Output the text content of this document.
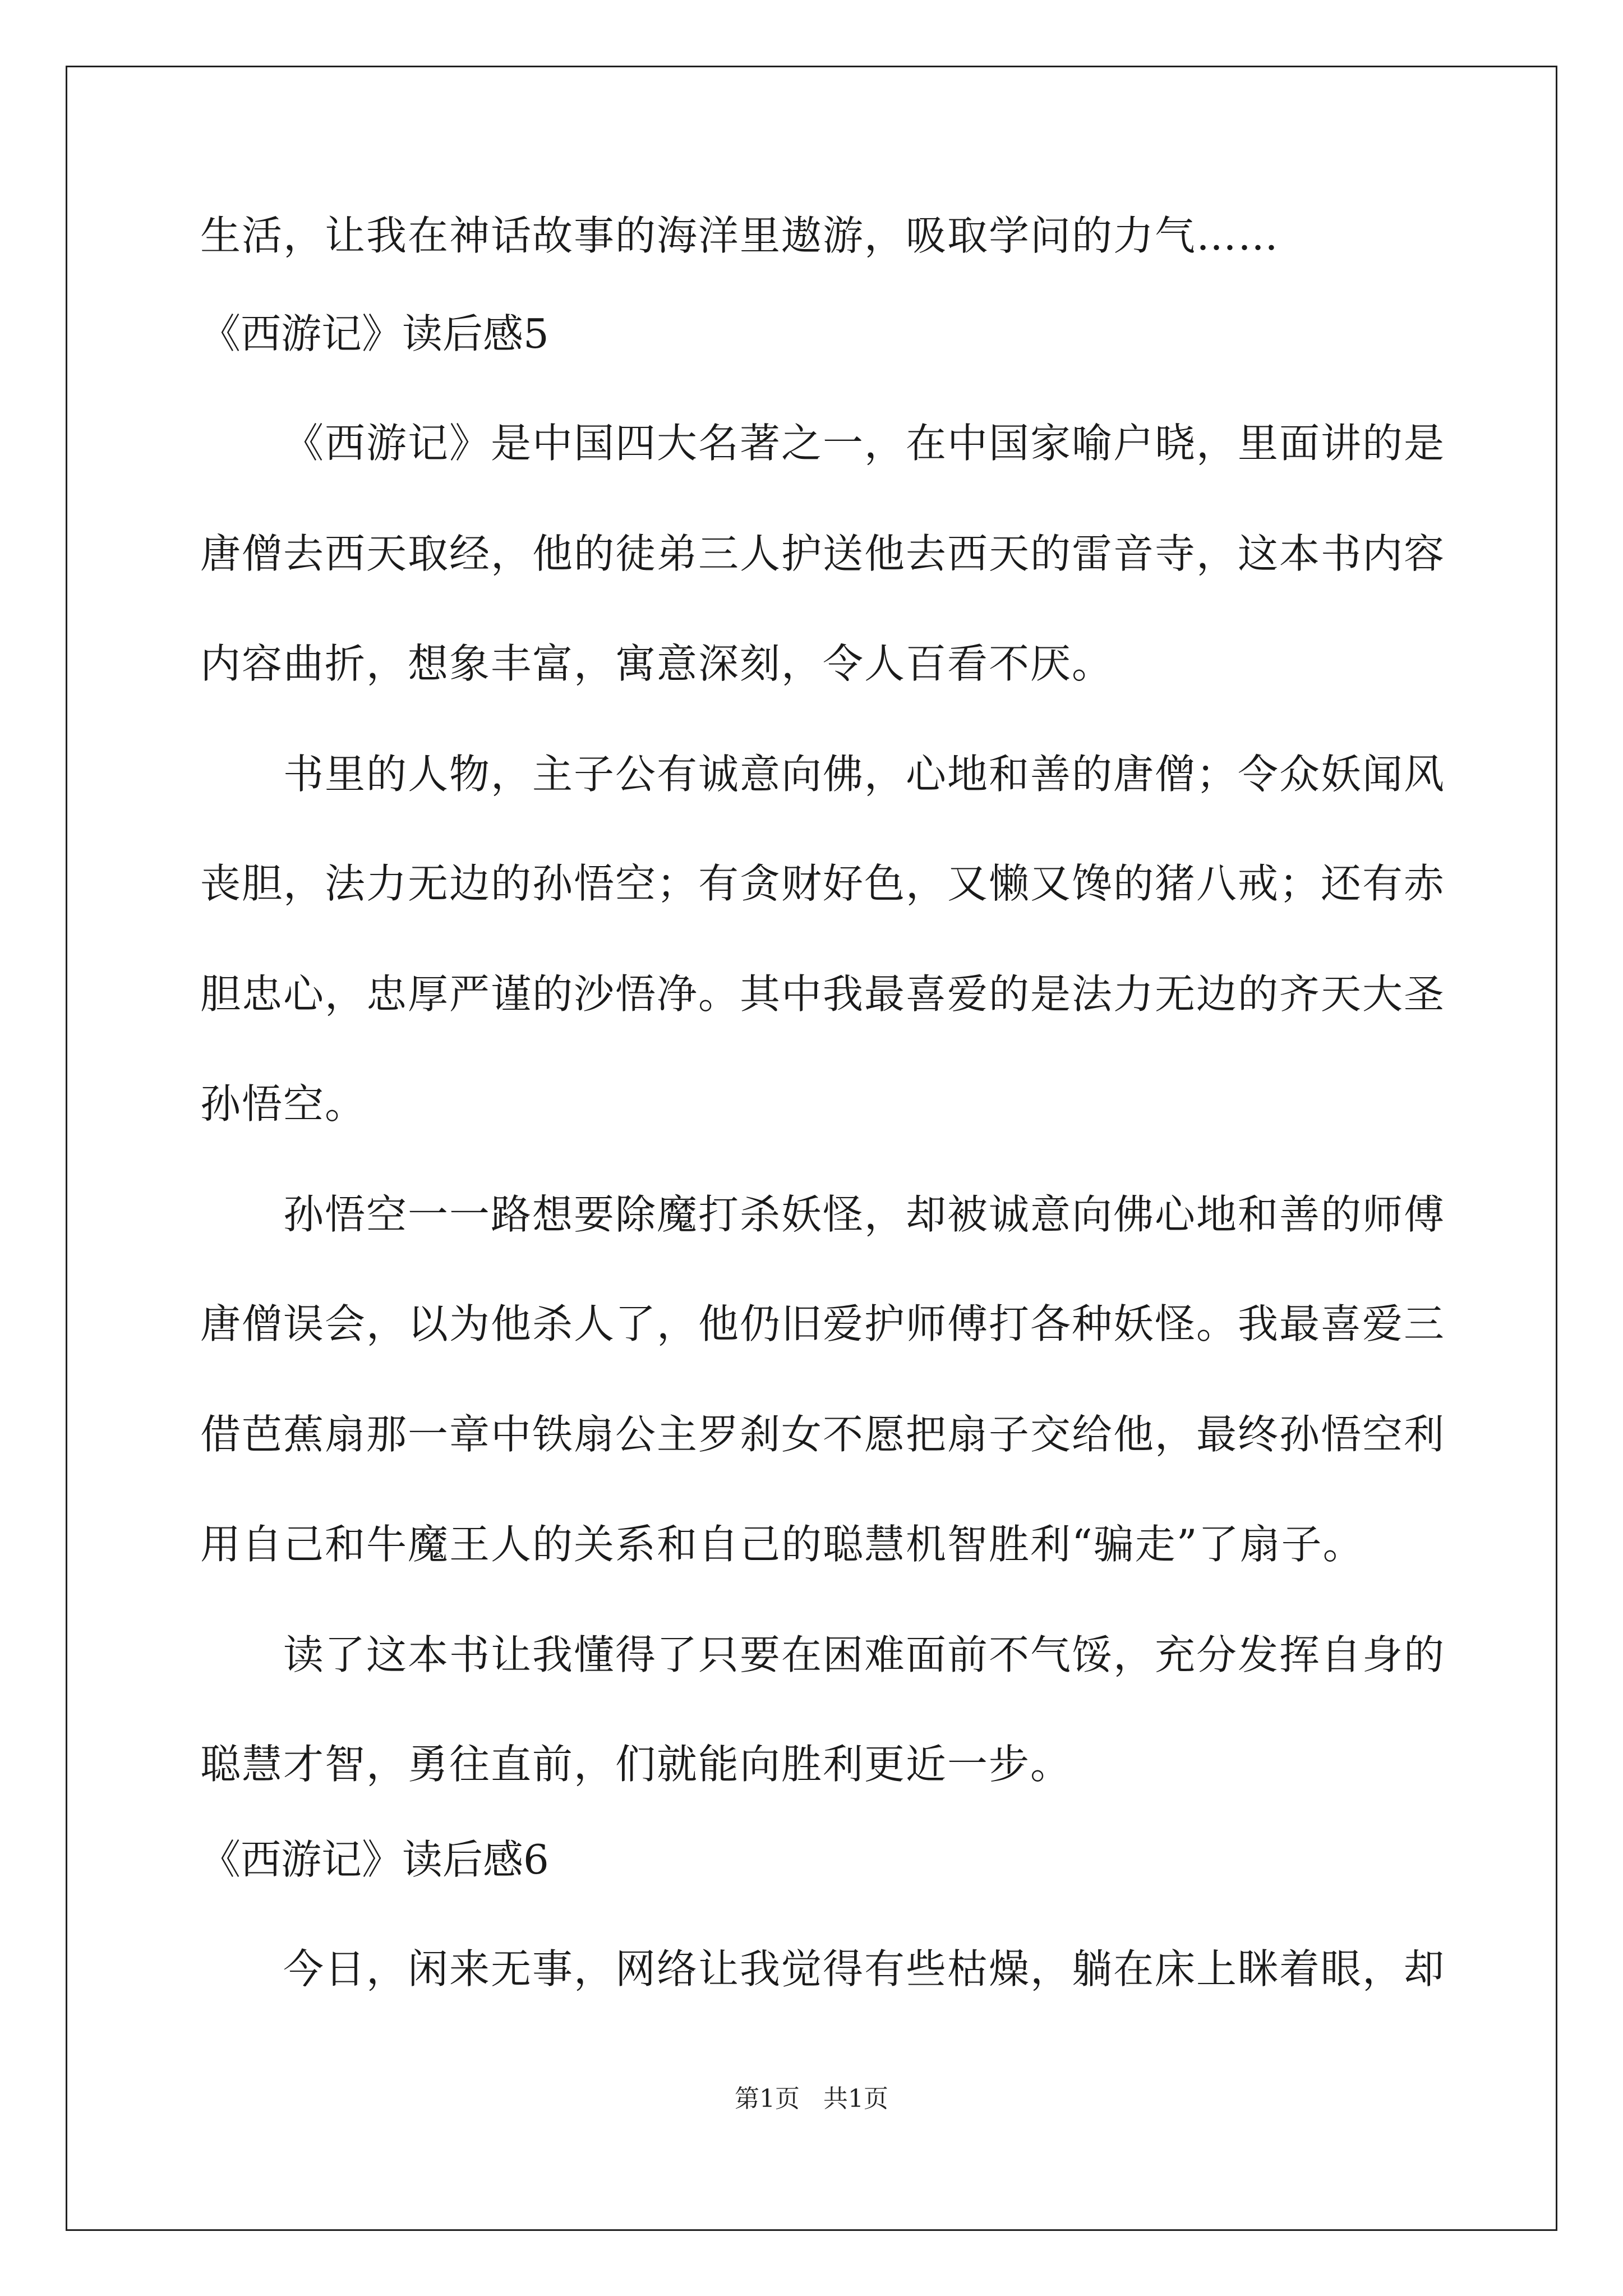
生活，让我在神话故事的海洋里遨游，吸取学问的力气……
《西游记》读后感5
《西游记》是中国四大名著之一，在中国家喻户晓，里面讲的是
唐僧去西天取经，他的徒弟三人护送他去西天的雷音寺，这本书内容
内容曲折，想象丰富，寓意深刻，令人百看不厌。
书里的人物，主子公有诚意向佛，心地和善的唐僧；令众妖闻风
丧胆，法力无边的孙悟空；有贪财好色，又懒又馋的猪八戒；还有赤
胆忠心，忠厚严谨的沙悟净。其中我最喜爱的是法力无边的齐天大圣
孙悟空。
孙悟空一一路想要除魔打杀妖怪，却被诚意向佛心地和善的师傅
唐僧误会，以为他杀人了，他仍旧爱护师傅打各种妖怪。我最喜爱三
借芭蕉扇那一章中铁扇公主罗刹女不愿把扇子交给他，最终孙悟空利
用自己和牛魔王人的关系和自己的聪慧机智胜利“骗走”了扇子。
读了这本书让我懂得了只要在困难面前不气馁，充分发挥自身的
聪慧才智，勇往直前，们就能向胜利更近一步。
《西游记》读后感6
今日，闲来无事，网络让我觉得有些枯燥，躺在床上眯着眼，却
第1页   共1页
